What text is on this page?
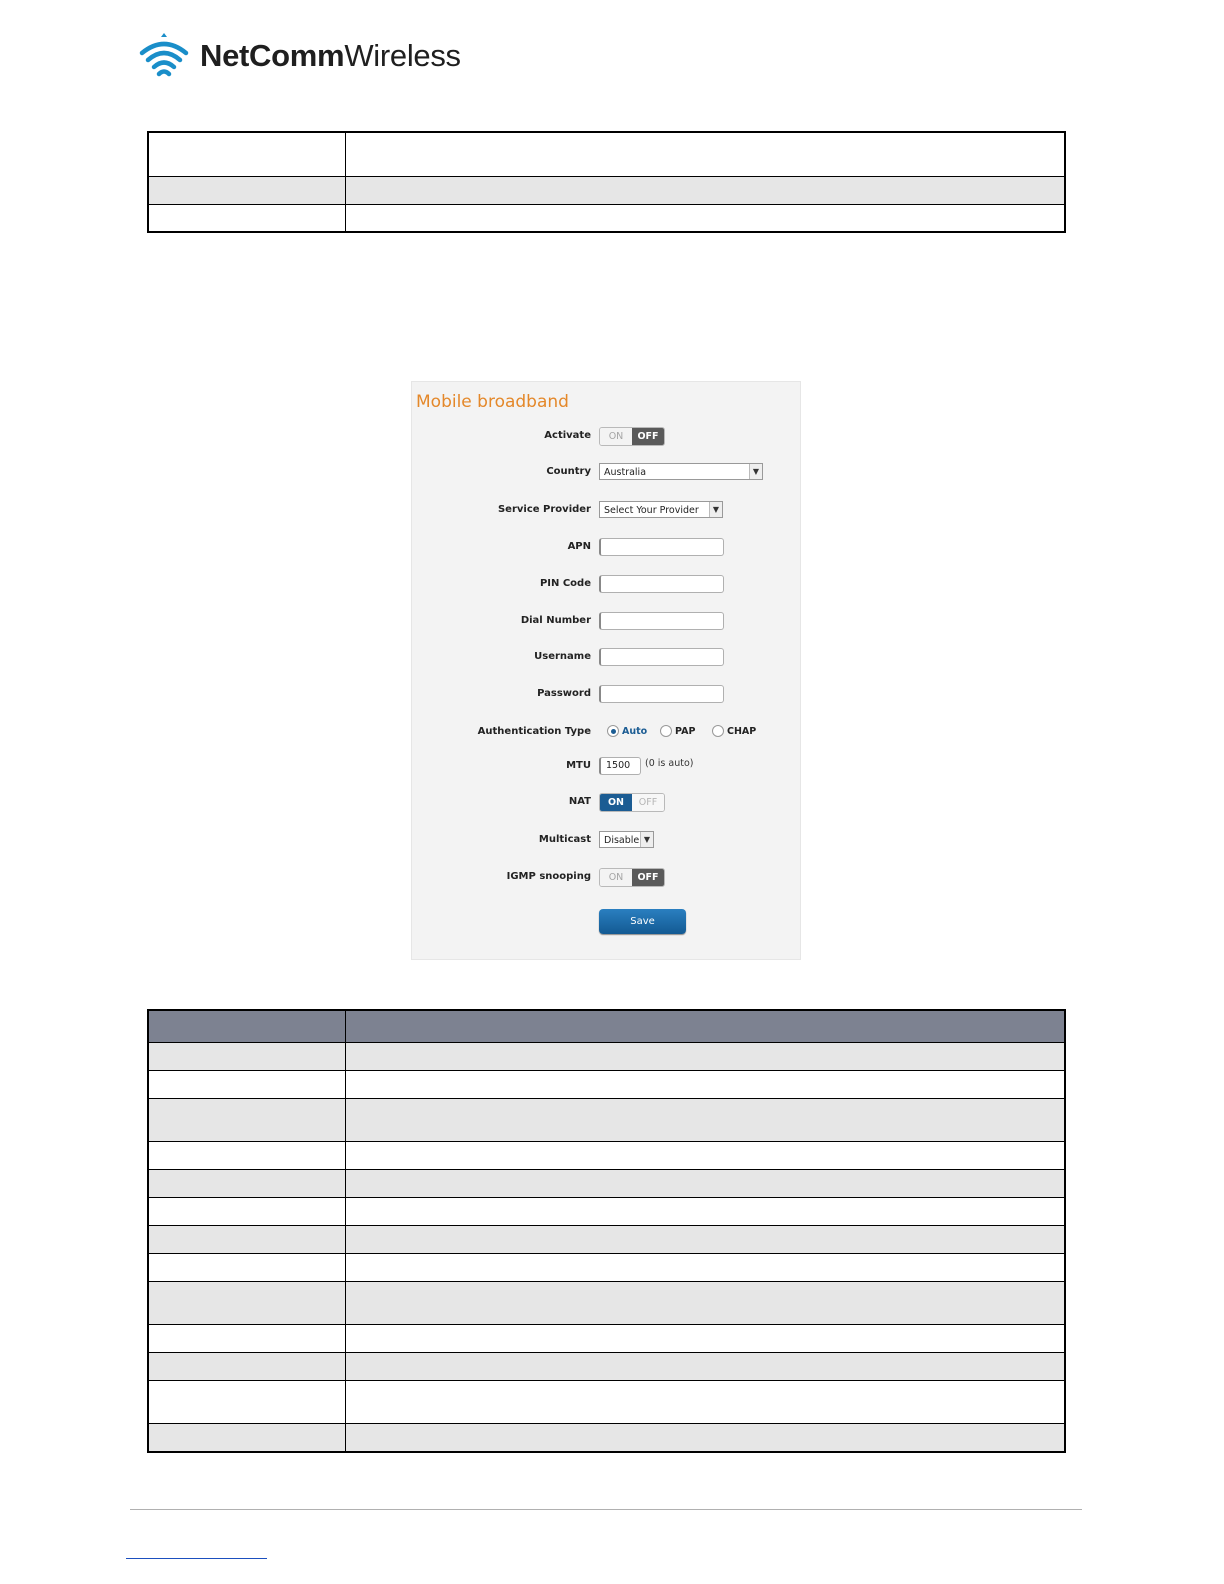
NetCommWireless

Mobile broadband
Activate	ON	OFF
Country	Australia	▼
Service Provider	Select Your Provider	▼
APN
PIN Code
Dial Number
Username
Password
Authentication Type	Auto	PAP	CHAP
MTU	1500	(0 is auto)
NAT	ON	OFF
Multicast	Disable ▼
IGMP snooping	ON	OFF
Save
